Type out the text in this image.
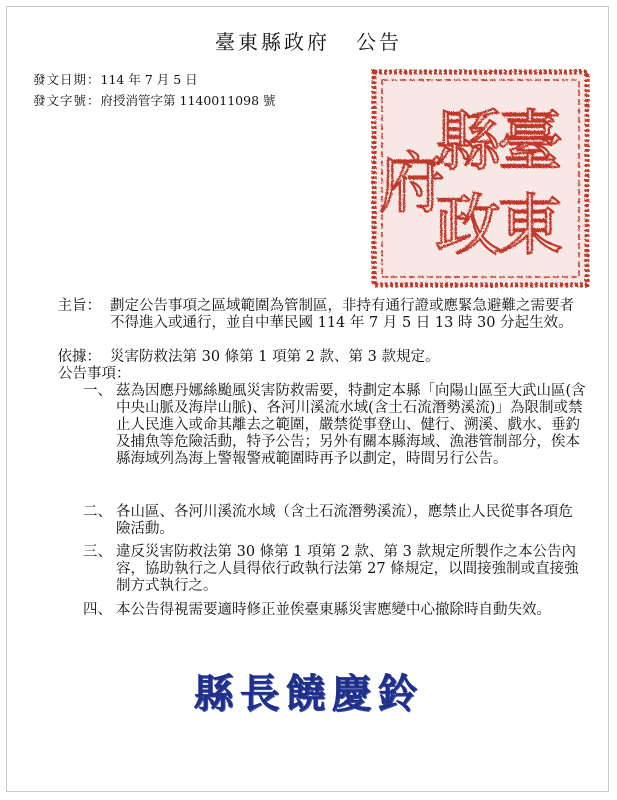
臺東縣政府 公告
發文日期：114 年 7 月 5 日
發文字號：府授消管字第 1140011098 號
臺
東
縣
政
府
主旨： 劃定公告事項之區域範圍為管制區，非持有通行證或應緊急避難之需要者不得進入或通行，並自中華民國 114 年 7 月 5 日 13 時 30 分起生效。
依據： 災害防救法第 30 條第 1 項第 2 款、第 3 款規定。
公告事項：
一、 茲為因應丹娜絲颱風災害防救需要，特劃定本縣「向陽山區至大武山區(含中央山脈及海岸山脈)、各河川溪流水域(含土石流潛勢溪流)」為限制或禁止人民進入或命其離去之範圍，嚴禁從事登山、健行、溯溪、戲水、垂釣及捕魚等危險活動，特予公告；另外有關本縣海域、漁港管制部分，俟本縣海域列為海上警報警戒範圍時再予以劃定，時間另行公告。
二、 各山區、各河川溪流水域（含土石流潛勢溪流），應禁止人民從事各項危險活動。
三、 違反災害防救法第 30 條第 1 項第 2 款、第 3 款規定所製作之本公告內容，協助執行之人員得依行政執行法第 27 條規定，以間接強制或直接強制方式執行之。
四、 本公告得視需要適時修正並俟臺東縣災害應變中心撤除時自動失效。
縣長饒慶鈴
